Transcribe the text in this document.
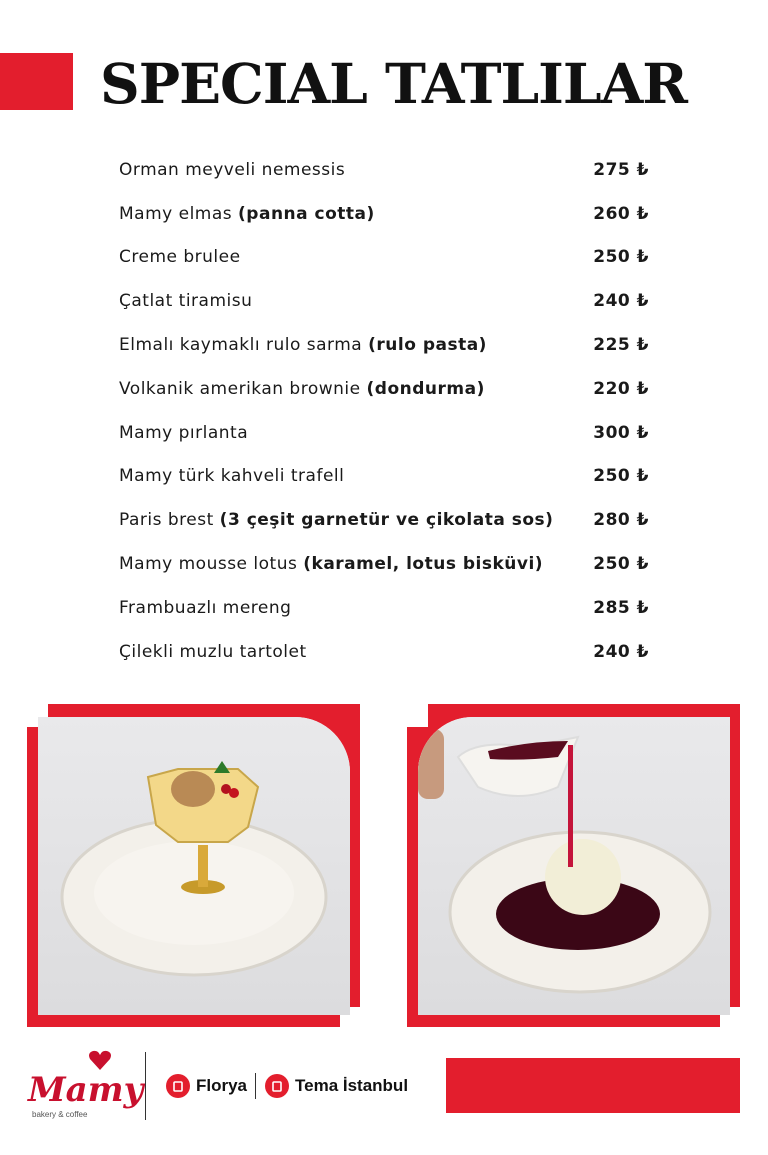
SPECIAL TATLILAR
Orman meyveli nemessis	275 ₺
Mamy elmas (panna cotta)	260 ₺
Creme brulee	250 ₺
Çatlat tiramisu	240 ₺
Elmalı kaymaklı rulo sarma (rulo pasta)	225 ₺
Volkanik amerikan brownie (dondurma)	220 ₺
Mamy pırlanta	300 ₺
Mamy türk kahveli trafell	250 ₺
Paris brest (3 çeşit garnetür ve çikolata sos) 280 ₺
Mamy mousse lotus (karamel, lotus bisküvi)	250 ₺
Frambuazlı mereng	285 ₺
Çilekli muzlu tartolet	240 ₺
Mamy
bakery & coffee
Florya	Tema İstanbul
